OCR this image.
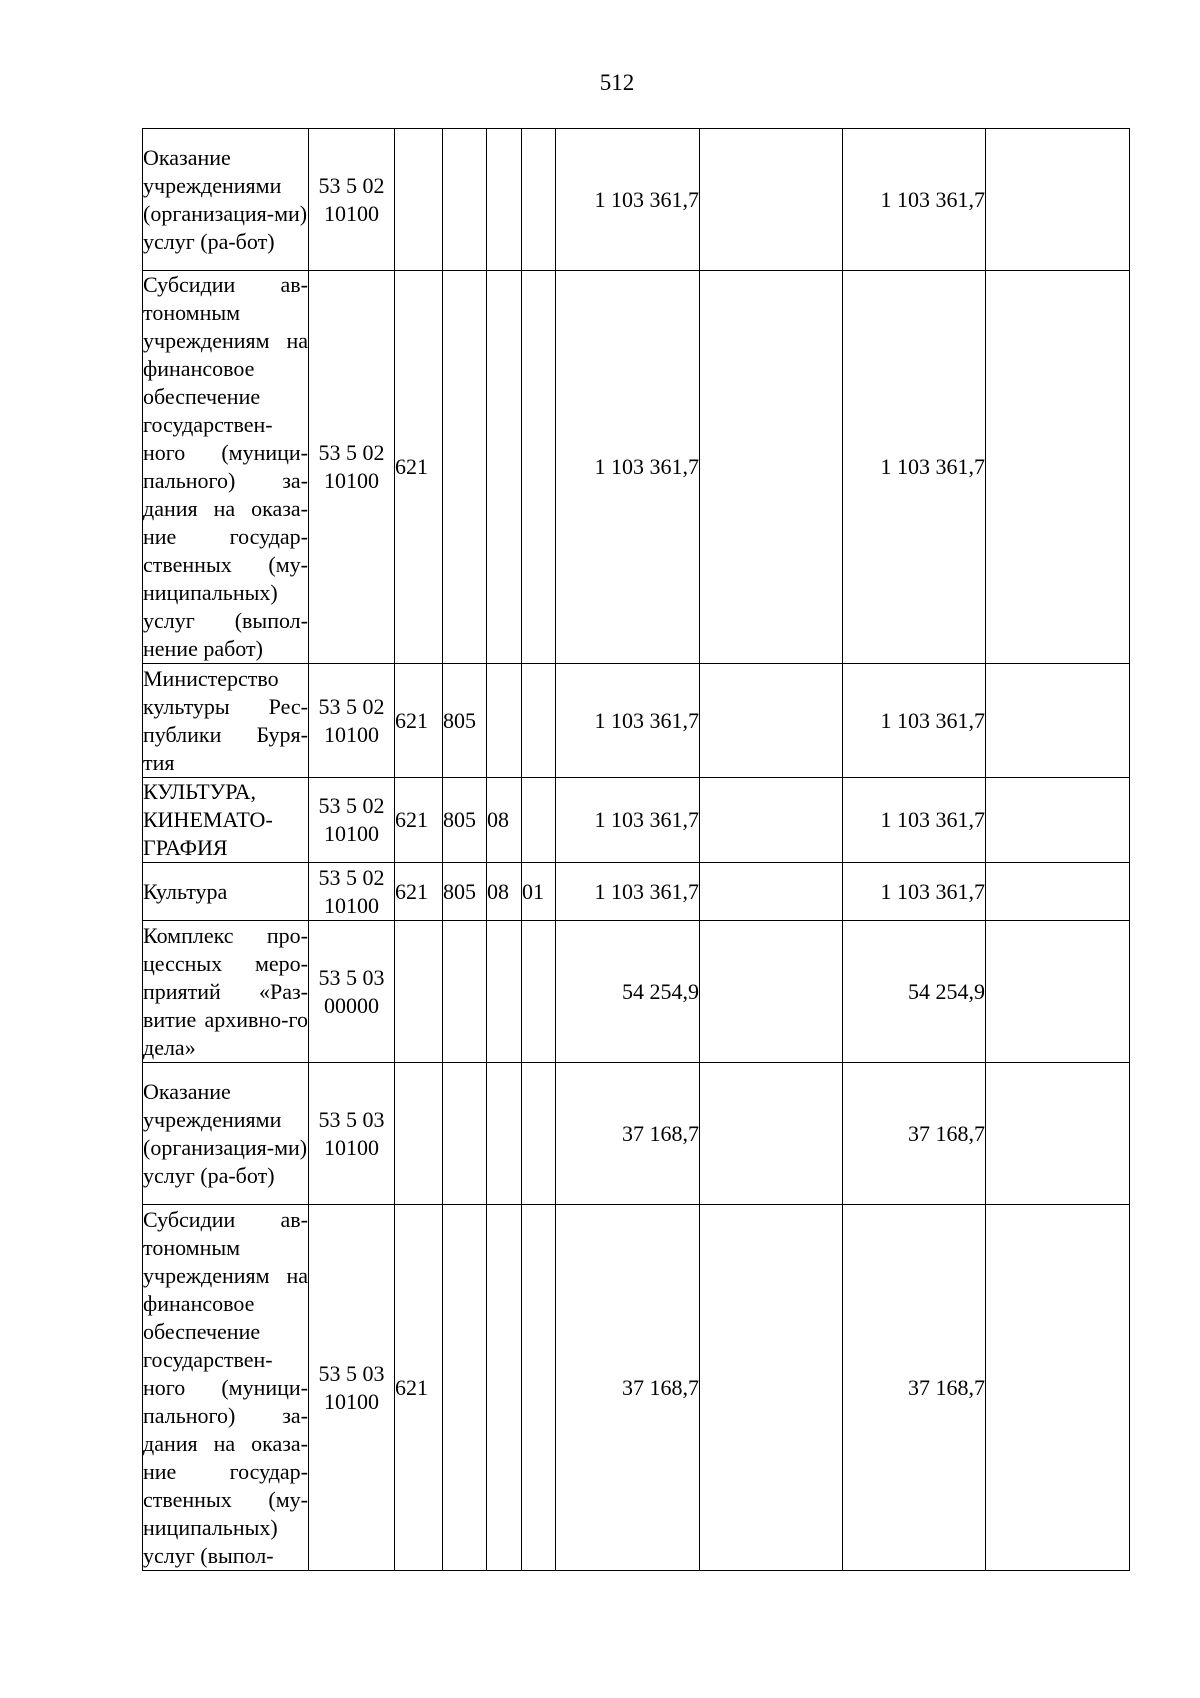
512
Оказание учреждениями (организация-ми) услуг (ра-бот)	53 5 02 10100					1 103 361,7		1 103 361,7	
Субсидии ав-тономным учреждениям на финансовое обеспечение государствен-ного (муници-пального) за-дания на оказа-ние государ-ственных (му-ниципальных) услуг (выпол-нение работ)	53 5 02 10100	621				1 103 361,7		1 103 361,7	
Министерство культуры Рес-публики Буря-тия	53 5 02 10100	621	805			1 103 361,7		1 103 361,7	
КУЛЬТУРА, КИНЕМАТО-ГРАФИЯ	53 5 02 10100	621	805	08		1 103 361,7		1 103 361,7	
Культура	53 5 02 10100	621	805	08	01	1 103 361,7		1 103 361,7	
Комплекс про-цессных меро-приятий «Раз-витие архивно-го дела»	53 5 03 00000					54 254,9		54 254,9	
Оказание учреждениями (организация-ми) услуг (ра-бот)	53 5 03 10100					37 168,7		37 168,7	
Субсидии ав-тономным учреждениям на финансовое обеспечение государствен-ного (муници-пального) за-дания на оказа-ние государ-ственных (му-ниципальных) услуг (выпол-	53 5 03 10100	621				37 168,7		37 168,7	
